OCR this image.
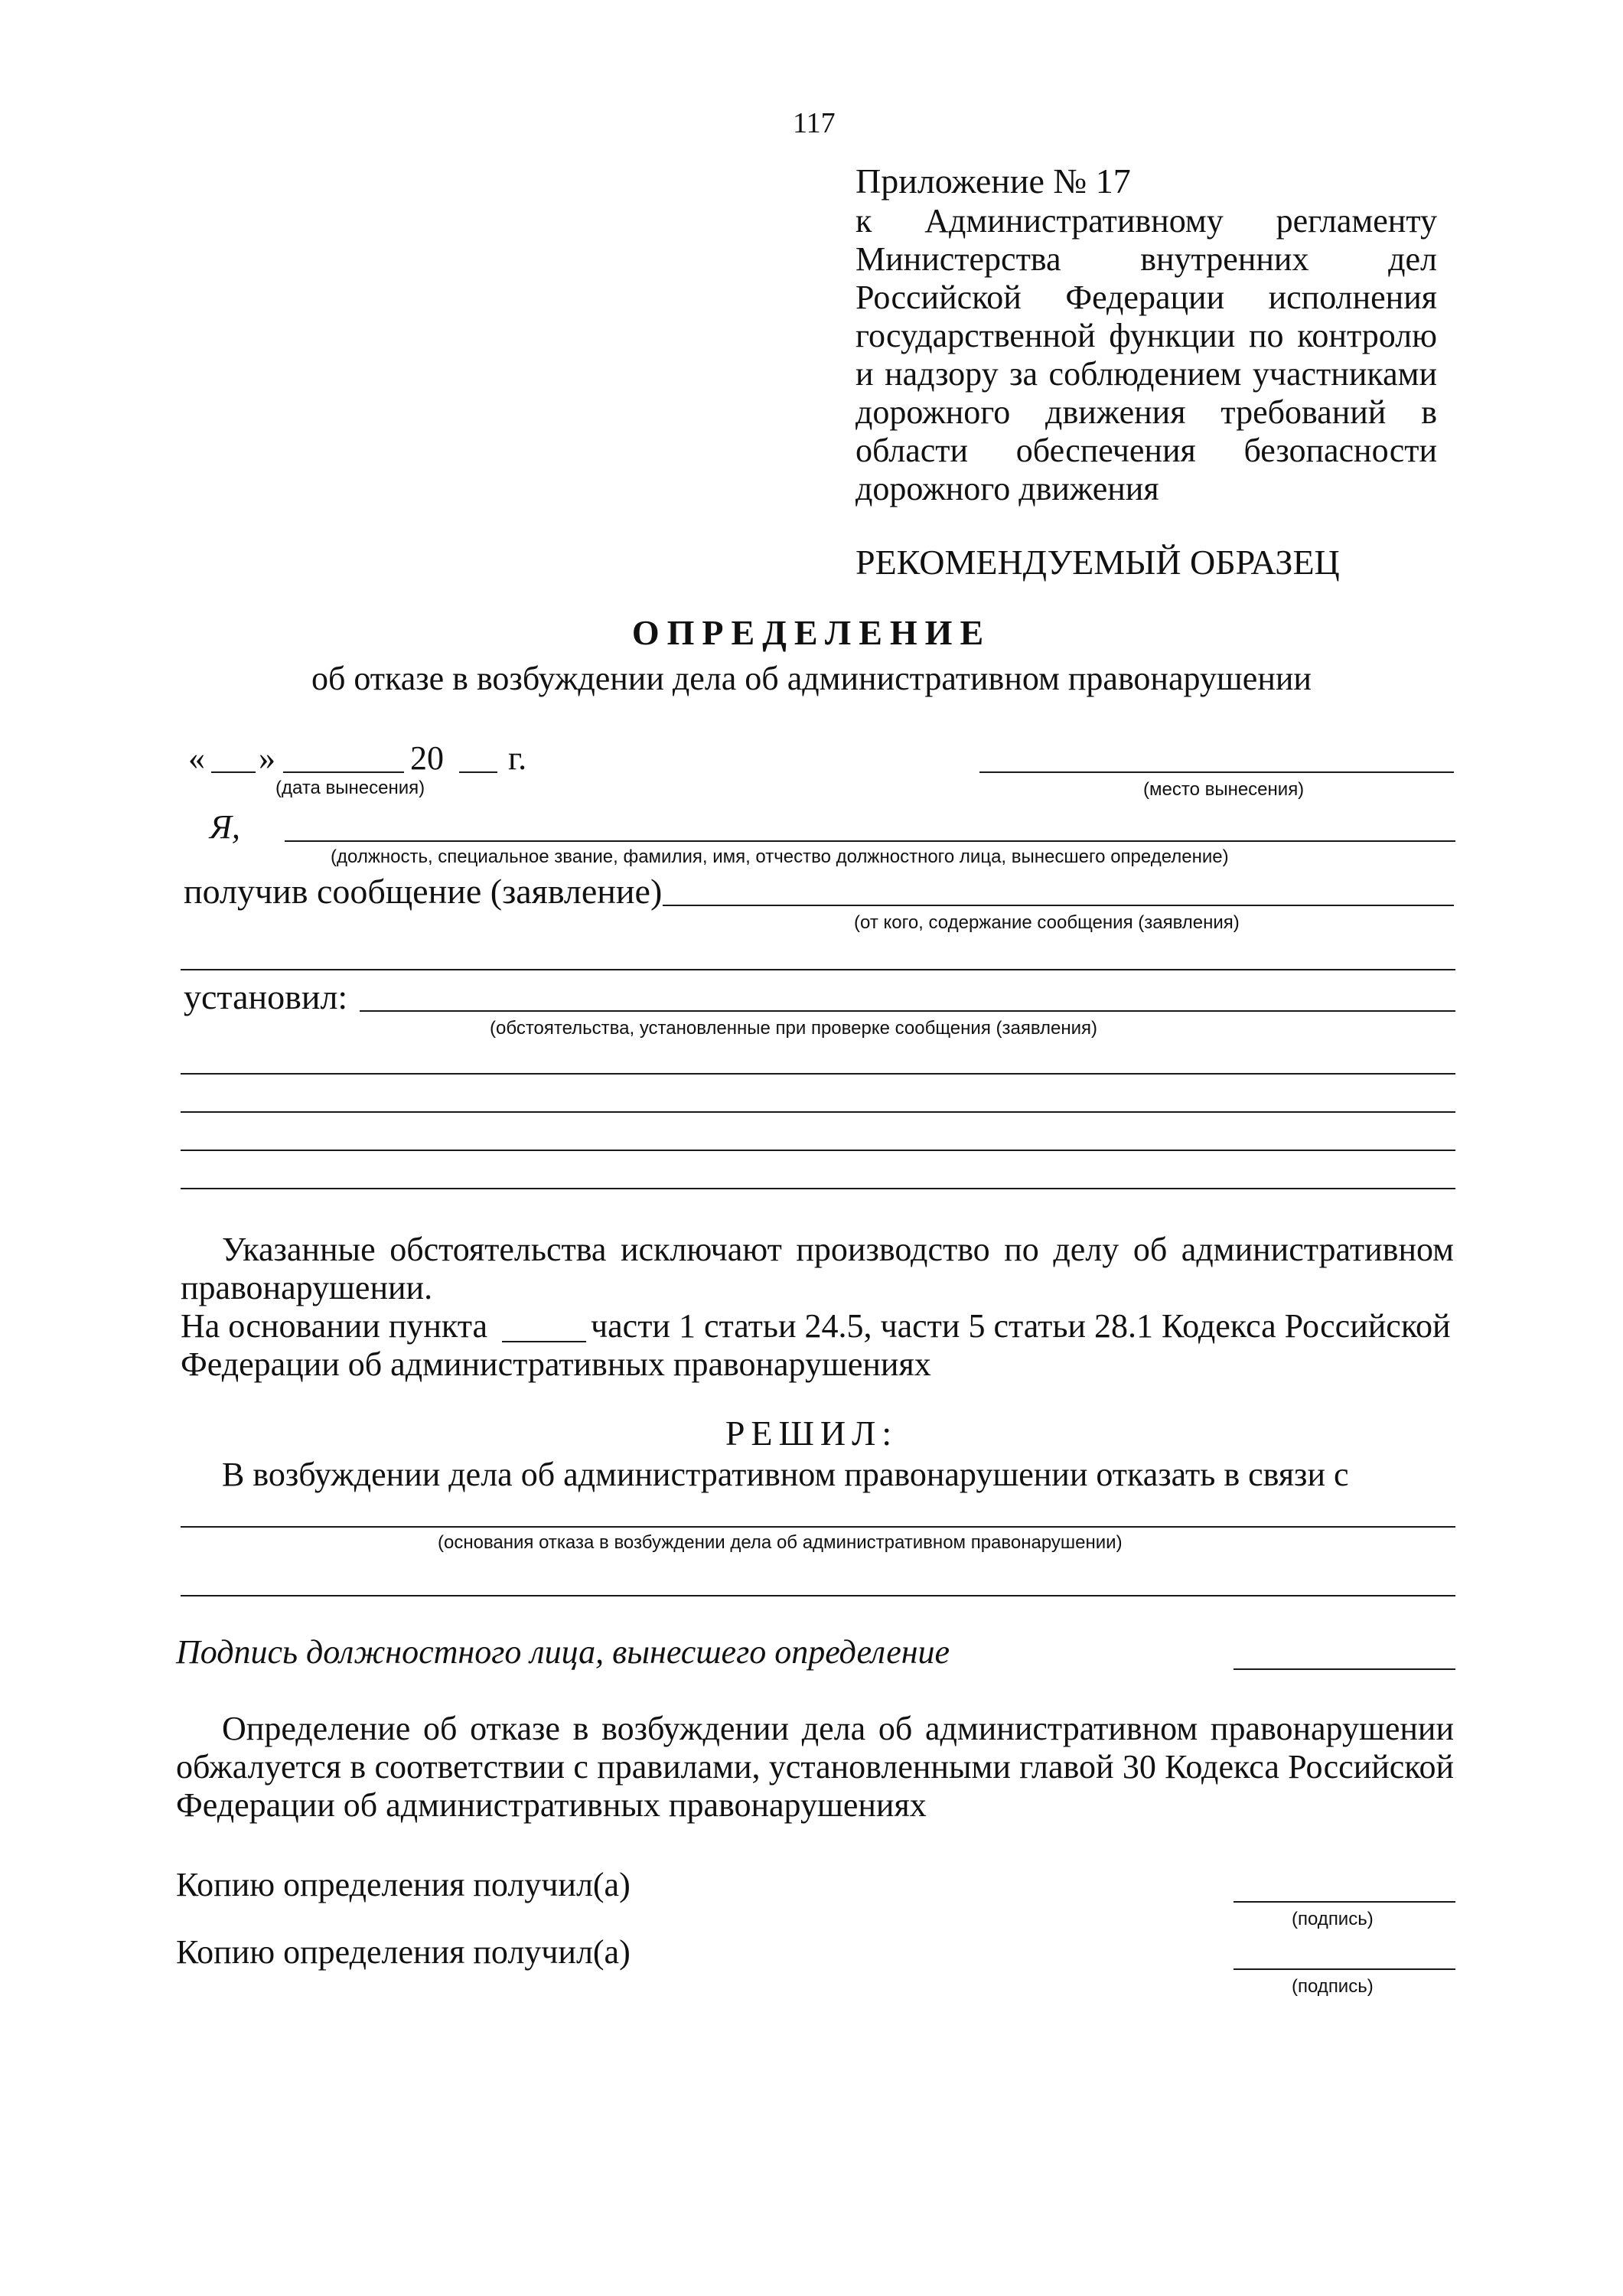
117
Приложение № 17
к Административному регламенту
Министерства внутренних дел
Российской Федерации исполнения
государственной функции по контролю
и надзору за соблюдением участниками
дорожного движения требований в
области обеспечения безопасности
дорожного движения
РЕКОМЕНДУЕМЫЙ ОБРАЗЕЦ
ОПРЕДЕЛЕНИЕ
об отказе в возбуждении дела об административном правонарушении
« »	20 г.
(дата вынесения)	(место вынесения)
Я,
(должность, специальное звание, фамилия, имя, отчество должностного лица, вынесшего определение)
получив сообщение (заявление)
(от кого, содержание сообщения (заявления)
установил:
(обстоятельства, установленные при проверке сообщения (заявления)
Указанные обстоятельства исключают производство по делу об административном
правонарушении.
На основании пункта	части 1 статьи 24.5, части 5 статьи 28.1 Кодекса Российской
Федерации об административных правонарушениях
РЕШИЛ:
В возбуждении дела об административном правонарушении отказать в связи с
(основания отказа в возбуждении дела об административном правонарушении)
Подпись должностного лица, вынесшего определение
Определение об отказе в возбуждении дела об административном правонарушении
обжалуется в соответствии с правилами, установленными главой 30 Кодекса Российской
Федерации об административных правонарушениях
Копию определения получил(а)
(подпись)
Копию определения получил(а)
(подпись)
